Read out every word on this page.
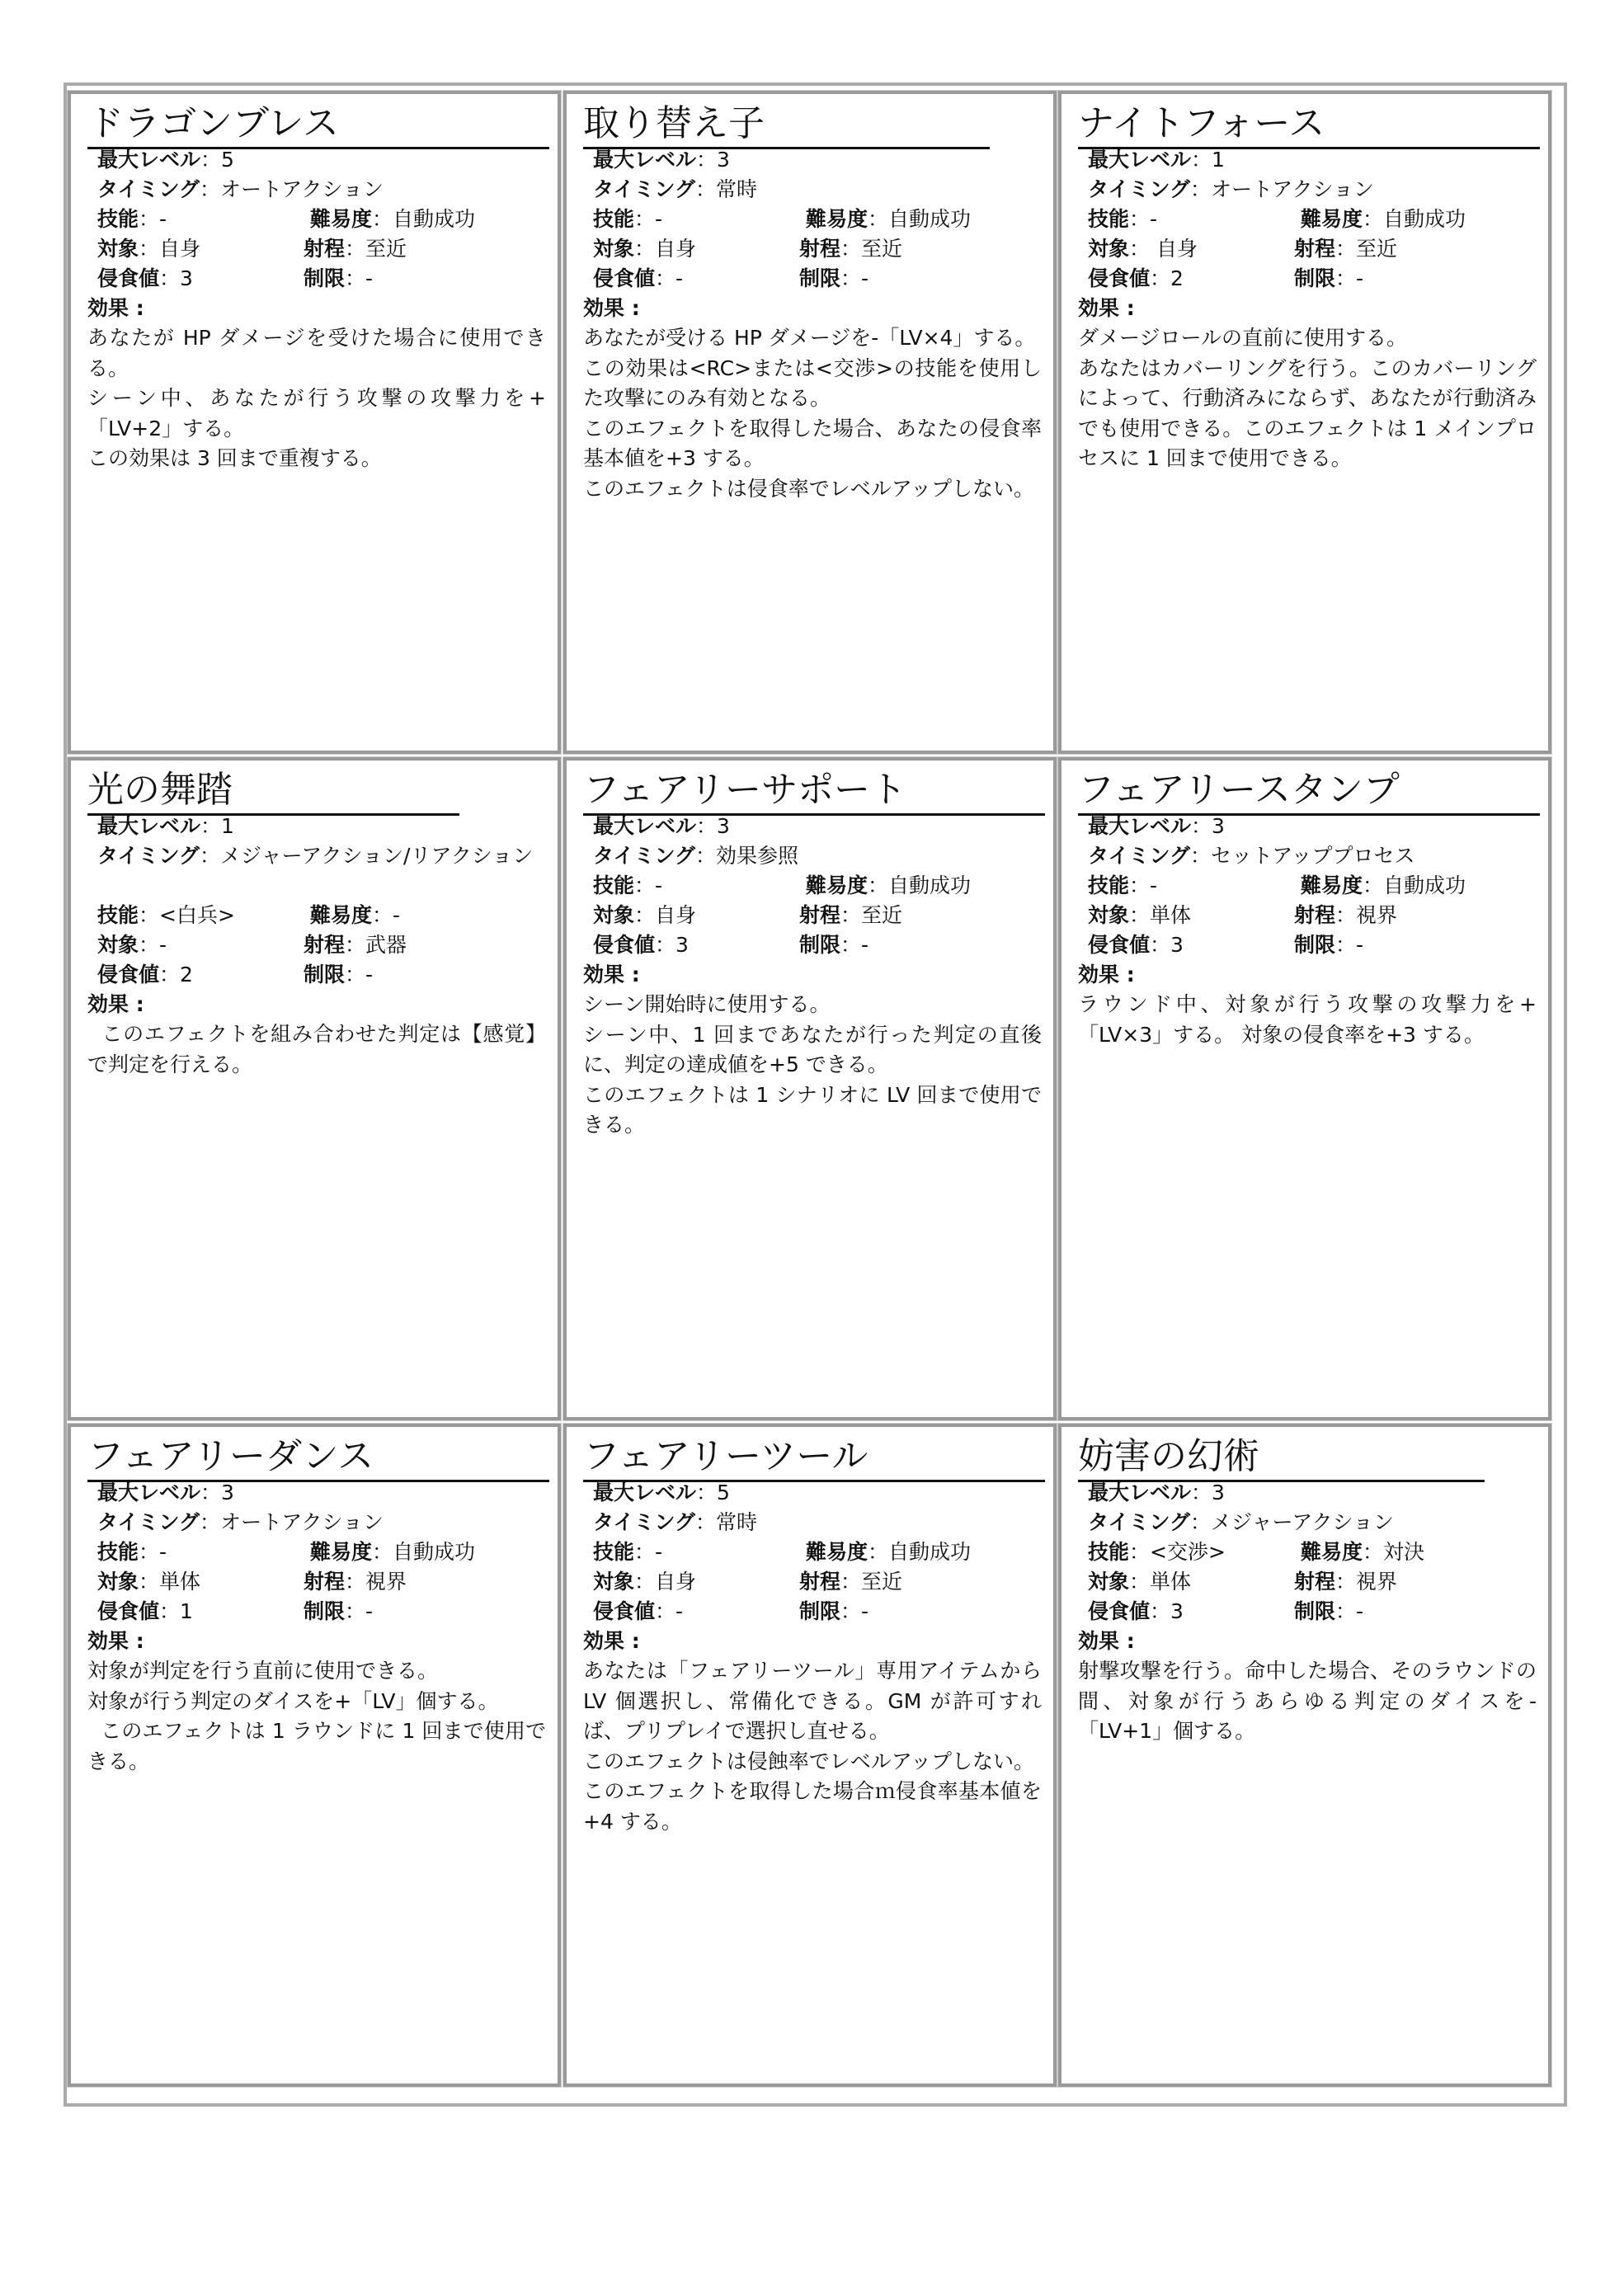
ドラゴンブレス
最大レベル：5
タイミング：オートアクション
技能：-	難易度：自動成功
対象：自身	射程：至近
侵食値：3	制限：-
効果 :
あなたが HP ダメージを受けた場合に使用できる。
シーン中、あなたが行う攻撃の攻撃力を+「LV+2」する。
この効果は 3 回まで重複する。
取り替え子
最大レベル：3
タイミング：常時
技能：-	難易度：自動成功
対象：自身	射程：至近
侵食値：-	制限：-
効果 :
あなたが受ける HP ダメージを-「LV×4」する。
この効果は<RC>または<交渉>の技能を使用した攻撃にのみ有効となる。
このエフェクトを取得した場合、あなたの侵食率基本値を+3 する。
このエフェクトは侵食率でレベルアップしない。
ナイトフォース
最大レベル：1
タイミング：オートアクション
技能：-	難易度：自動成功
対象： 自身	射程：至近
侵食値：2	制限：-
効果 :
ダメージロールの直前に使用する。
あなたはカバーリングを行う。このカバーリングによって、行動済みにならず、あなたが行動済みでも使用できる。このエフェクトは 1 メインプロセスに 1 回まで使用できる。
光の舞踏
最大レベル：1
タイミング：メジャーアクション/リアクション
技能：<白兵>	難易度：-
対象：-	射程：武器
侵食値：2	制限：-
効果 :
このエフェクトを組み合わせた判定は【感覚】で判定を行える。
フェアリーサポート
最大レベル：3
タイミング：効果参照
技能：-	難易度：自動成功
対象：自身	射程：至近
侵食値：3	制限：-
効果 :
シーン開始時に使用する。
シーン中、1 回まであなたが行った判定の直後に、判定の達成値を+5 できる。
このエフェクトは 1 シナリオに LV 回まで使用できる。
フェアリースタンプ
最大レベル：3
タイミング：セットアッププロセス
技能：-	難易度：自動成功
対象：単体	射程：視界
侵食値：3	制限：-
効果 :
ラウンド中、対象が行う攻撃の攻撃力を+「LV×3」する。 対象の侵食率を+3 する。
フェアリーダンス
最大レベル：3
タイミング：オートアクション
技能：-	難易度：自動成功
対象：単体	射程：視界
侵食値：1	制限：-
効果 :
対象が判定を行う直前に使用できる。
対象が行う判定のダイスを+「LV」個する。
このエフェクトは 1 ラウンドに 1 回まで使用できる。
フェアリーツール
最大レベル：5
タイミング：常時
技能：-	難易度：自動成功
対象：自身	射程：至近
侵食値：-	制限：-
効果 :
あなたは「フェアリーツール」専用アイテムから LV 個選択し、常備化できる。GM が許可すれば、プリプレイで選択し直せる。
このエフェクトは侵蝕率でレベルアップしない。
このエフェクトを取得した場合ｍ侵食率基本値を+4 する。
妨害の幻術
最大レベル：3
タイミング：メジャーアクション
技能：<交渉>	難易度：対決
対象：単体	射程：視界
侵食値：3	制限：-
効果 :
射撃攻撃を行う。命中した場合、そのラウンドの間、対象が行うあらゆる判定のダイスを-「LV+1」個する。
